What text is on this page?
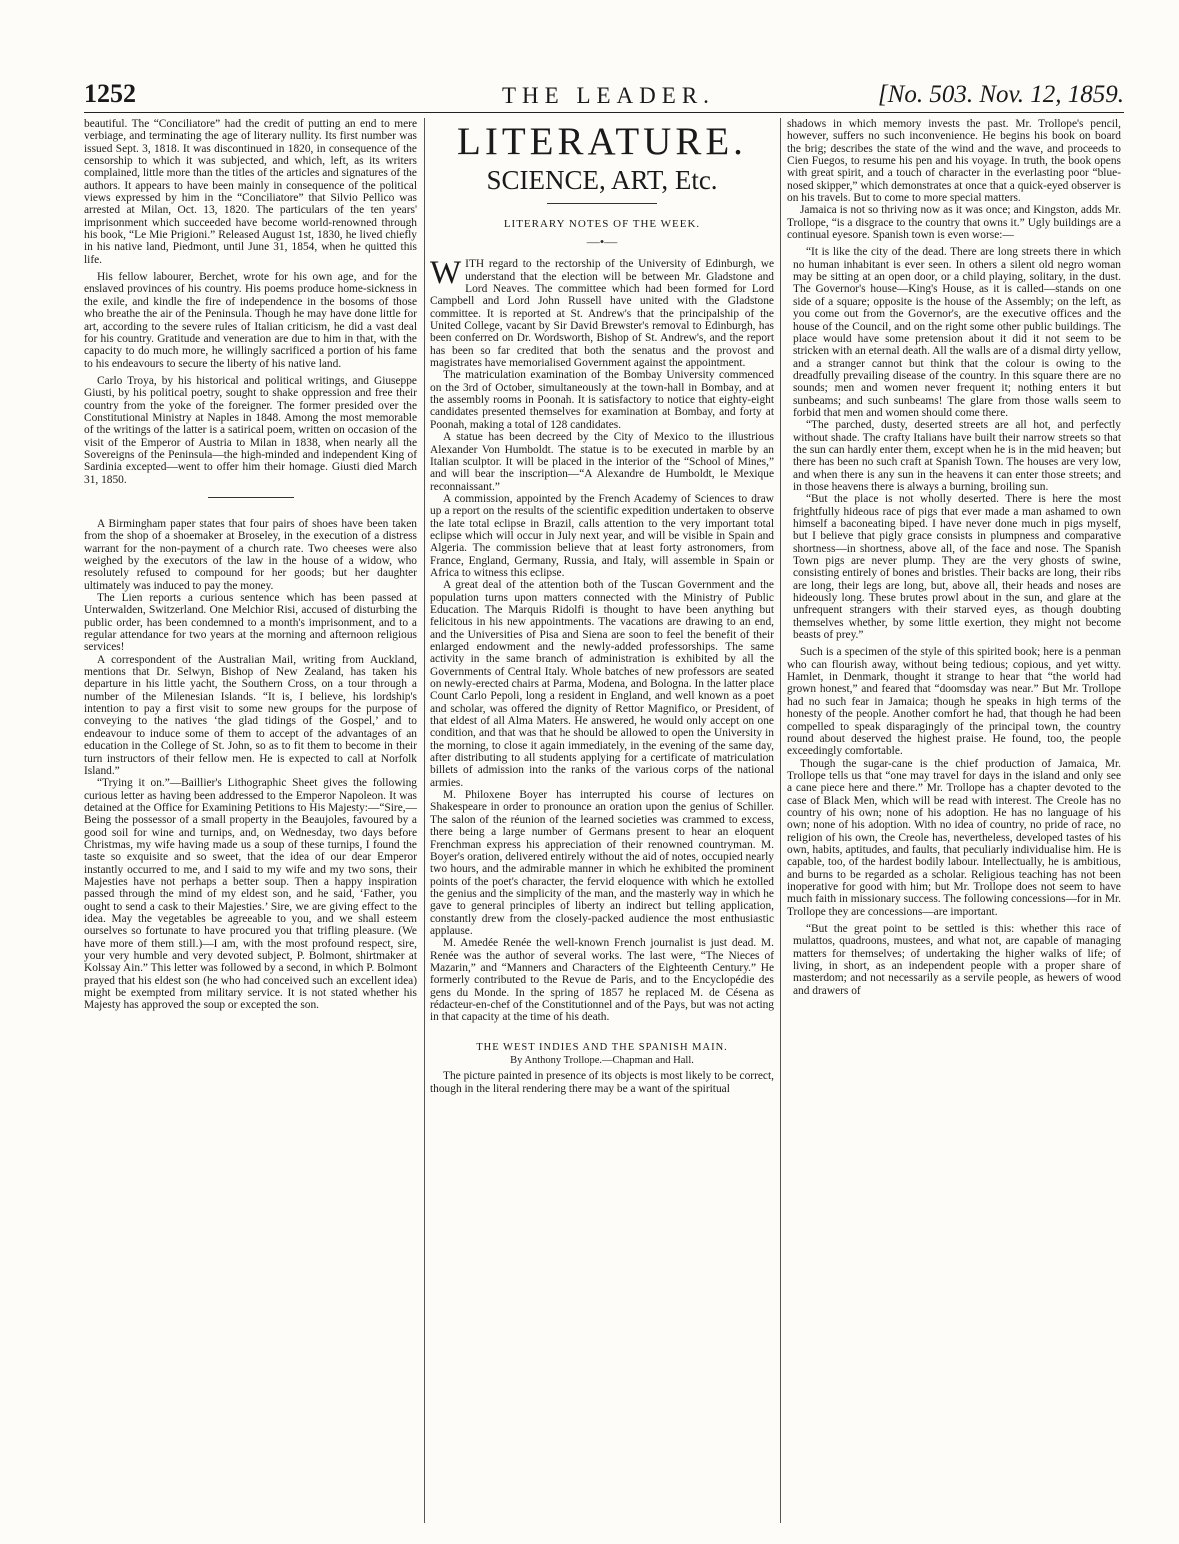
1252	THE LEADER.	[No. 503. Nov. 12, 1859.

beautiful. The “Conciliatore” had the credit of putting an end to mere verbiage, and terminating the age of literary nullity. Its first number was issued Sept. 3, 1818. It was discontinued in 1820, in consequence of the censorship to which it was subjected, and which, left, as its writers complained, little more than the titles of the articles and signatures of the authors. It appears to have been mainly in consequence of the political views expressed by him in the “Conciliatore” that Silvio Pellico was arrested at Milan, Oct. 13, 1820. The particulars of the ten years' imprisonment which succeeded have become world-renowned through his book, “Le Mie Prigioni.” Released August 1st, 1830, he lived chiefly in his native land, Piedmont, until June 31, 1854, when he quitted this life.

His fellow labourer, Berchet, wrote for his own age, and for the enslaved provinces of his country. His poems produce home-sickness in the exile, and kindle the fire of independence in the bosoms of those who breathe the air of the Peninsula. Though he may have done little for art, according to the severe rules of Italian criticism, he did a vast deal for his country. Gratitude and veneration are due to him in that, with the capacity to do much more, he willingly sacrificed a portion of his fame to his endeavours to secure the liberty of his native land.

Carlo Troya, by his historical and political writings, and Giuseppe Giusti, by his political poetry, sought to shake oppression and free their country from the yoke of the foreigner. The former presided over the Constitutional Ministry at Naples in 1848. Among the most memorable of the writings of the latter is a satirical poem, written on occasion of the visit of the Emperor of Austria to Milan in 1838, when nearly all the Sovereigns of the Peninsula—the high-minded and independent King of Sardinia excepted—went to offer him their homage. Giusti died March 31, 1850.

A Birmingham paper states that four pairs of shoes have been taken from the shop of a shoemaker at Broseley, in the execution of a distress warrant for the non-payment of a church rate. Two cheeses were also weighed by the executors of the law in the house of a widow, who resolutely refused to compound for her goods; but her daughter ultimately was induced to pay the money.

The Lien reports a curious sentence which has been passed at Unterwalden, Switzerland. One Melchior Risi, accused of disturbing the public order, has been condemned to a month's imprisonment, and to a regular attendance for two years at the morning and afternoon religious services!

A correspondent of the Australian Mail, writing from Auckland, mentions that Dr. Selwyn, Bishop of New Zealand, has taken his departure in his little yacht, the Southern Cross, on a tour through a number of the Milenesian Islands. “It is, I believe, his lordship's intention to pay a first visit to some new groups for the purpose of conveying to the natives ‘the glad tidings of the Gospel,’ and to endeavour to induce some of them to accept of the advantages of an education in the College of St. John, so as to fit them to become in their turn instructors of their fellow men. He is expected to call at Norfolk Island.”

“Trying it on.”—Baillier's Lithographic Sheet gives the following curious letter as having been addressed to the Emperor Napoleon. It was detained at the Office for Examining Petitions to His Majesty:—“Sire,—Being the possessor of a small property in the Beaujoles, favoured by a good soil for wine and turnips, and, on Wednesday, two days before Christmas, my wife having made us a soup of these turnips, I found the taste so exquisite and so sweet, that the idea of our dear Emperor instantly occurred to me, and I said to my wife and my two sons, their Majesties have not perhaps a better soup. Then a happy inspiration passed through the mind of my eldest son, and he said, ‘Father, you ought to send a cask to their Majesties.’ Sire, we are giving effect to the idea. May the vegetables be agreeable to you, and we shall esteem ourselves so fortunate to have procured you that trifling pleasure. (We have more of them still.)—I am, with the most profound respect, sire, your very humble and very devoted subject, P. Bolmont, shirtmaker at Kolssay Ain.” This letter was followed by a second, in which P. Bolmont prayed that his eldest son (he who had conceived such an excellent idea) might be exempted from military service. It is not stated whether his Majesty has approved the soup or excepted the son.

LITERATURE.
SCIENCE, ART, Etc.
LITERARY NOTES OF THE WEEK.
—•—

WITH regard to the rectorship of the University of Edinburgh, we understand that the election will be between Mr. Gladstone and Lord Neaves. The committee which had been formed for Lord Campbell and Lord John Russell have united with the Gladstone committee. It is reported at St. Andrew's that the principalship of the United College, vacant by Sir David Brewster's removal to Edinburgh, has been conferred on Dr. Wordsworth, Bishop of St. Andrew's, and the report has been so far credited that both the senatus and the provost and magistrates have memorialised Government against the appointment.

The matriculation examination of the Bombay University commenced on the 3rd of October, simultaneously at the town-hall in Bombay, and at the assembly rooms in Poonah. It is satisfactory to notice that eighty-eight candidates presented themselves for examination at Bombay, and forty at Poonah, making a total of 128 candidates.

A statue has been decreed by the City of Mexico to the illustrious Alexander Von Humboldt. The statue is to be executed in marble by an Italian sculptor. It will be placed in the interior of the “School of Mines,” and will bear the inscription—“A Alexandre de Humboldt, le Mexique reconnaissant.”

A commission, appointed by the French Academy of Sciences to draw up a report on the results of the scientific expedition undertaken to observe the late total eclipse in Brazil, calls attention to the very important total eclipse which will occur in July next year, and will be visible in Spain and Algeria. The commission believe that at least forty astronomers, from France, England, Germany, Russia, and Italy, will assemble in Spain or Africa to witness this eclipse.

A great deal of the attention both of the Tuscan Government and the population turns upon matters connected with the Ministry of Public Education. The Marquis Ridolfi is thought to have been anything but felicitous in his new appointments. The vacations are drawing to an end, and the Universities of Pisa and Siena are soon to feel the benefit of their enlarged endowment and the newly-added professorships. The same activity in the same branch of administration is exhibited by all the Governments of Central Italy. Whole batches of new professors are seated on newly-erected chairs at Parma, Modena, and Bologna. In the latter place Count Carlo Pepoli, long a resident in England, and well known as a poet and scholar, was offered the dignity of Rettor Magnifico, or President, of that eldest of all Alma Maters. He answered, he would only accept on one condition, and that was that he should be allowed to open the University in the morning, to close it again immediately, in the evening of the same day, after distributing to all students applying for a certificate of matriculation billets of admission into the ranks of the various corps of the national armies.

M. Philoxene Boyer has interrupted his course of lectures on Shakespeare in order to pronounce an oration upon the genius of Schiller. The salon of the réunion of the learned societies was crammed to excess, there being a large number of Germans present to hear an eloquent Frenchman express his appreciation of their renowned countryman. M. Boyer's oration, delivered entirely without the aid of notes, occupied nearly two hours, and the admirable manner in which he exhibited the prominent points of the poet's character, the fervid eloquence with which he extolled the genius and the simplicity of the man, and the masterly way in which he gave to general principles of liberty an indirect but telling application, constantly drew from the closely-packed audience the most enthusiastic applause.

M. Amedée Renée the well-known French journalist is just dead. M. Renée was the author of several works. The last were, “The Nieces of Mazarin,” and “Manners and Characters of the Eighteenth Century.” He formerly contributed to the Revue de Paris, and to the Encyclopédie des gens du Monde. In the spring of 1857 he replaced M. de Césena as rédacteur-en-chef of the Constitutionnel and of the Pays, but was not acting in that capacity at the time of his death.

THE WEST INDIES AND THE SPANISH MAIN.
By Anthony Trollope.—Chapman and Hall.

The picture painted in presence of its objects is most likely to be correct, though in the literal rendering there may be a want of the spiritual

shadows in which memory invests the past. Mr. Trollope's pencil, however, suffers no such inconvenience. He begins his book on board the brig; describes the state of the wind and the wave, and proceeds to Cien Fuegos, to resume his pen and his voyage. In truth, the book opens with great spirit, and a touch of character in the everlasting poor “blue-nosed skipper,” which demonstrates at once that a quick-eyed observer is on his travels. But to come to more special matters.

Jamaica is not so thriving now as it was once; and Kingston, adds Mr. Trollope, “is a disgrace to the country that owns it.” Ugly buildings are a continual eyesore. Spanish town is even worse:—

“It is like the city of the dead. There are long streets there in which no human inhabitant is ever seen. In others a silent old negro woman may be sitting at an open door, or a child playing, solitary, in the dust. The Governor's house—King's House, as it is called—stands on one side of a square; opposite is the house of the Assembly; on the left, as you come out from the Governor's, are the executive offices and the house of the Council, and on the right some other public buildings. The place would have some pretension about it did it not seem to be stricken with an eternal death. All the walls are of a dismal dirty yellow, and a stranger cannot but think that the colour is owing to the dreadfully prevailing disease of the country. In this square there are no sounds; men and women never frequent it; nothing enters it but sunbeams; and such sunbeams! The glare from those walls seem to forbid that men and women should come there.

“The parched, dusty, deserted streets are all hot, and perfectly without shade. The crafty Italians have built their narrow streets so that the sun can hardly enter them, except when he is in the mid heaven; but there has been no such craft at Spanish Town. The houses are very low, and when there is any sun in the heavens it can enter those streets; and in those heavens there is always a burning, broiling sun.

“But the place is not wholly deserted. There is here the most frightfully hideous race of pigs that ever made a man ashamed to own himself a baconeating biped. I have never done much in pigs myself, but I believe that pigly grace consists in plumpness and comparative shortness—in shortness, above all, of the face and nose. The Spanish Town pigs are never plump. They are the very ghosts of swine, consisting entirely of bones and bristles. Their backs are long, their ribs are long, their legs are long, but, above all, their heads and noses are hideously long. These brutes prowl about in the sun, and glare at the unfrequent strangers with their starved eyes, as though doubting themselves whether, by some little exertion, they might not become beasts of prey.”

Such is a specimen of the style of this spirited book; here is a penman who can flourish away, without being tedious; copious, and yet witty. Hamlet, in Denmark, thought it strange to hear that “the world had grown honest,” and feared that “doomsday was near.” But Mr. Trollope had no such fear in Jamaica; though he speaks in high terms of the honesty of the people. Another comfort he had, that though he had been compelled to speak disparagingly of the principal town, the country round about deserved the highest praise. He found, too, the people exceedingly comfortable.

Though the sugar-cane is the chief production of Jamaica, Mr. Trollope tells us that “one may travel for days in the island and only see a cane piece here and there.” Mr. Trollope has a chapter devoted to the case of Black Men, which will be read with interest. The Creole has no country of his own; none of his adoption. He has no language of his own; none of his adoption. With no idea of country, no pride of race, no religion of his own, the Creole has, nevertheless, developed tastes of his own, habits, aptitudes, and faults, that peculiarly individualise him. He is capable, too, of the hardest bodily labour. Intellectually, he is ambitious, and burns to be regarded as a scholar. Religious teaching has not been inoperative for good with him; but Mr. Trollope does not seem to have much faith in missionary success. The following concessions—for in Mr. Trollope they are concessions—are important.

“But the great point to be settled is this: whether this race of mulattos, quadroons, mustees, and what not, are capable of managing matters for themselves; of undertaking the higher walks of life; of living, in short, as an independent people with a proper share of masterdom; and not necessarily as a servile people, as hewers of wood and drawers of
